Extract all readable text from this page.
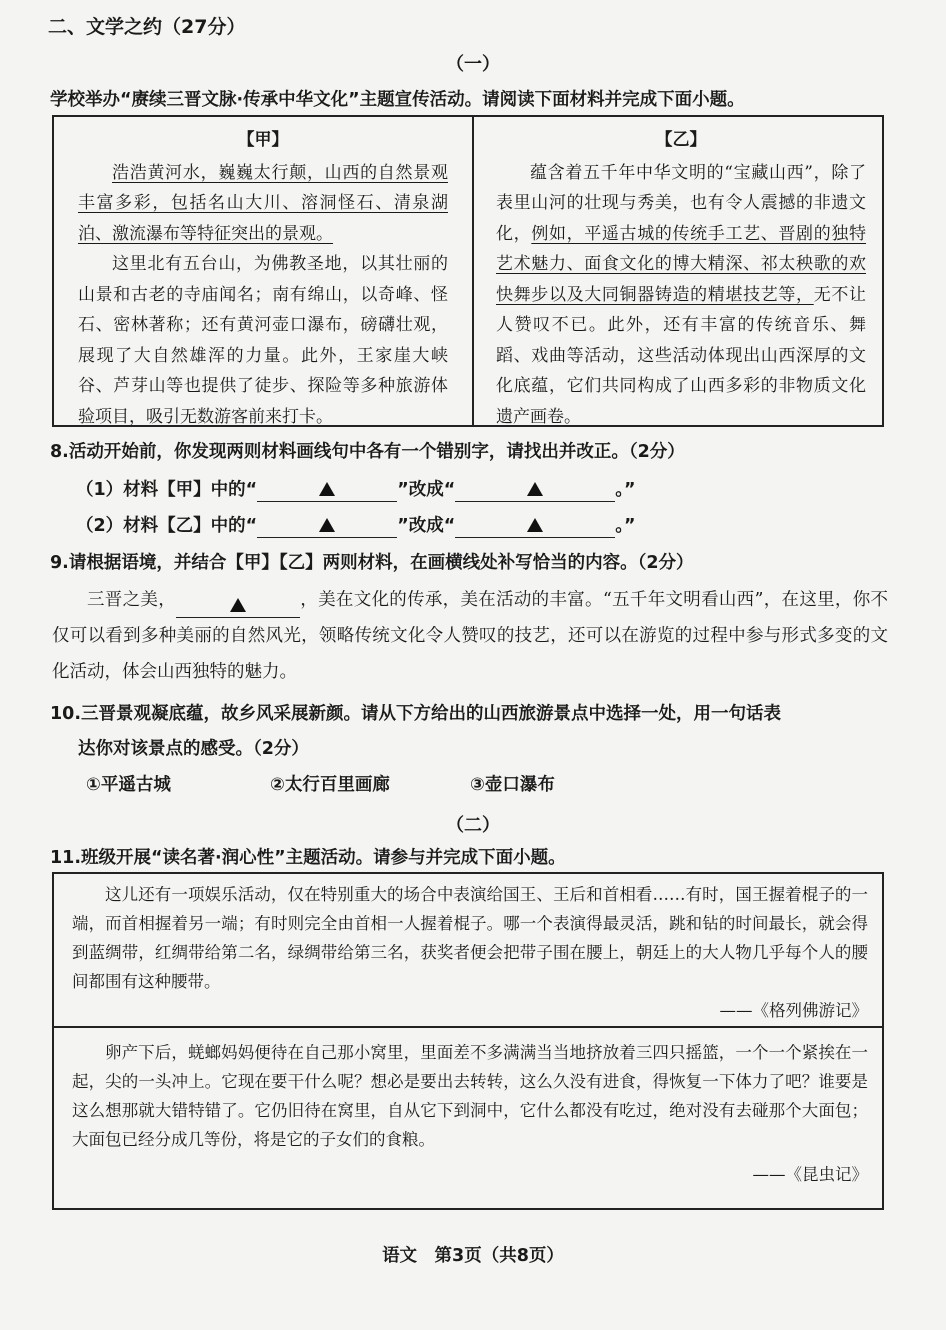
二、文学之约（27分）
（一）
学校举办“赓续三晋文脉·传承中华文化”主题宣传活动。请阅读下面材料并完成下面小题。
【甲】

浩浩黄河水，巍巍太行颠，山西的自然景观丰富多彩，包括名山大川、溶洞怪石、清泉湖泊、激流瀑布等特征突出的景观。

这里北有五台山，为佛教圣地，以其壮丽的山景和古老的寺庙闻名；南有绵山，以奇峰、怪石、密林著称；还有黄河壶口瀑布，磅礴壮观，展现了大自然雄浑的力量。此外，王家崖大峡谷、芦芽山等也提供了徒步、探险等多种旅游体验项目，吸引无数游客前来打卡。

【乙】

蕴含着五千年中华文明的“宝藏山西”，除了表里山河的壮现与秀美，也有令人震撼的非遗文化，例如，平遥古城的传统手工艺、晋剧的独特艺术魅力、面食文化的博大精深、祁太秧歌的欢快舞步以及大同铜器铸造的精堪技艺等，无不让人赞叹不已。此外，还有丰富的传统音乐、舞蹈、戏曲等活动，这些活动体现出山西深厚的文化底蕴，它们共同构成了山西多彩的非物质文化遗产画卷。

8.活动开始前，你发现两则材料画线句中各有一个错别字，请找出并改正。（2分）
（1）材料【甲】中的“	”改成“	。”
（2）材料【乙】中的“	”改成“	。”
9.请根据语境，并结合【甲】【乙】两则材料，在画横线处补写恰当的内容。（2分）
三晋之美，	，美在文化的传承，美在活动的丰富。“五千年文明看山西”，在这里，你不仅可以看到多种美丽的自然风光，领略传统文化令人赞叹的技艺，还可以在游览的过程中参与形式多变的文化活动，体会山西独特的魅力。
10.三晋景观凝底蕴，故乡风采展新颜。请从下方给出的山西旅游景点中选择一处，用一句话表
达你对该景点的感受。（2分）
①平遥古城	②太行百里画廊	③壶口瀑布
（二）
11.班级开展“读名著·润心性”主题活动。请参与并完成下面小题。

这儿还有一项娱乐活动，仅在特别重大的场合中表演给国王、王后和首相看……有时，国王握着棍子的一端，而首相握着另一端；有时则完全由首相一人握着棍子。哪一个表演得最灵活，跳和钻的时间最长，就会得到蓝绸带，红绸带给第二名，绿绸带给第三名，获奖者便会把带子围在腰上，朝廷上的大人物几乎每个人的腰间都围有这种腰带。

——《格列佛游记》

卵产下后，蜣螂妈妈便待在自己那小窝里，里面差不多满满当当地挤放着三四只摇篮，一个一个紧挨在一起，尖的一头冲上。它现在要干什么呢？想必是要出去转转，这么久没有进食，得恢复一下体力了吧？谁要是这么想那就大错特错了。它仍旧待在窝里，自从它下到洞中，它什么都没有吃过，绝对没有去碰那个大面包；大面包已经分成几等份，将是它的子女们的食粮。

——《昆虫记》
语文　第3页（共8页）
